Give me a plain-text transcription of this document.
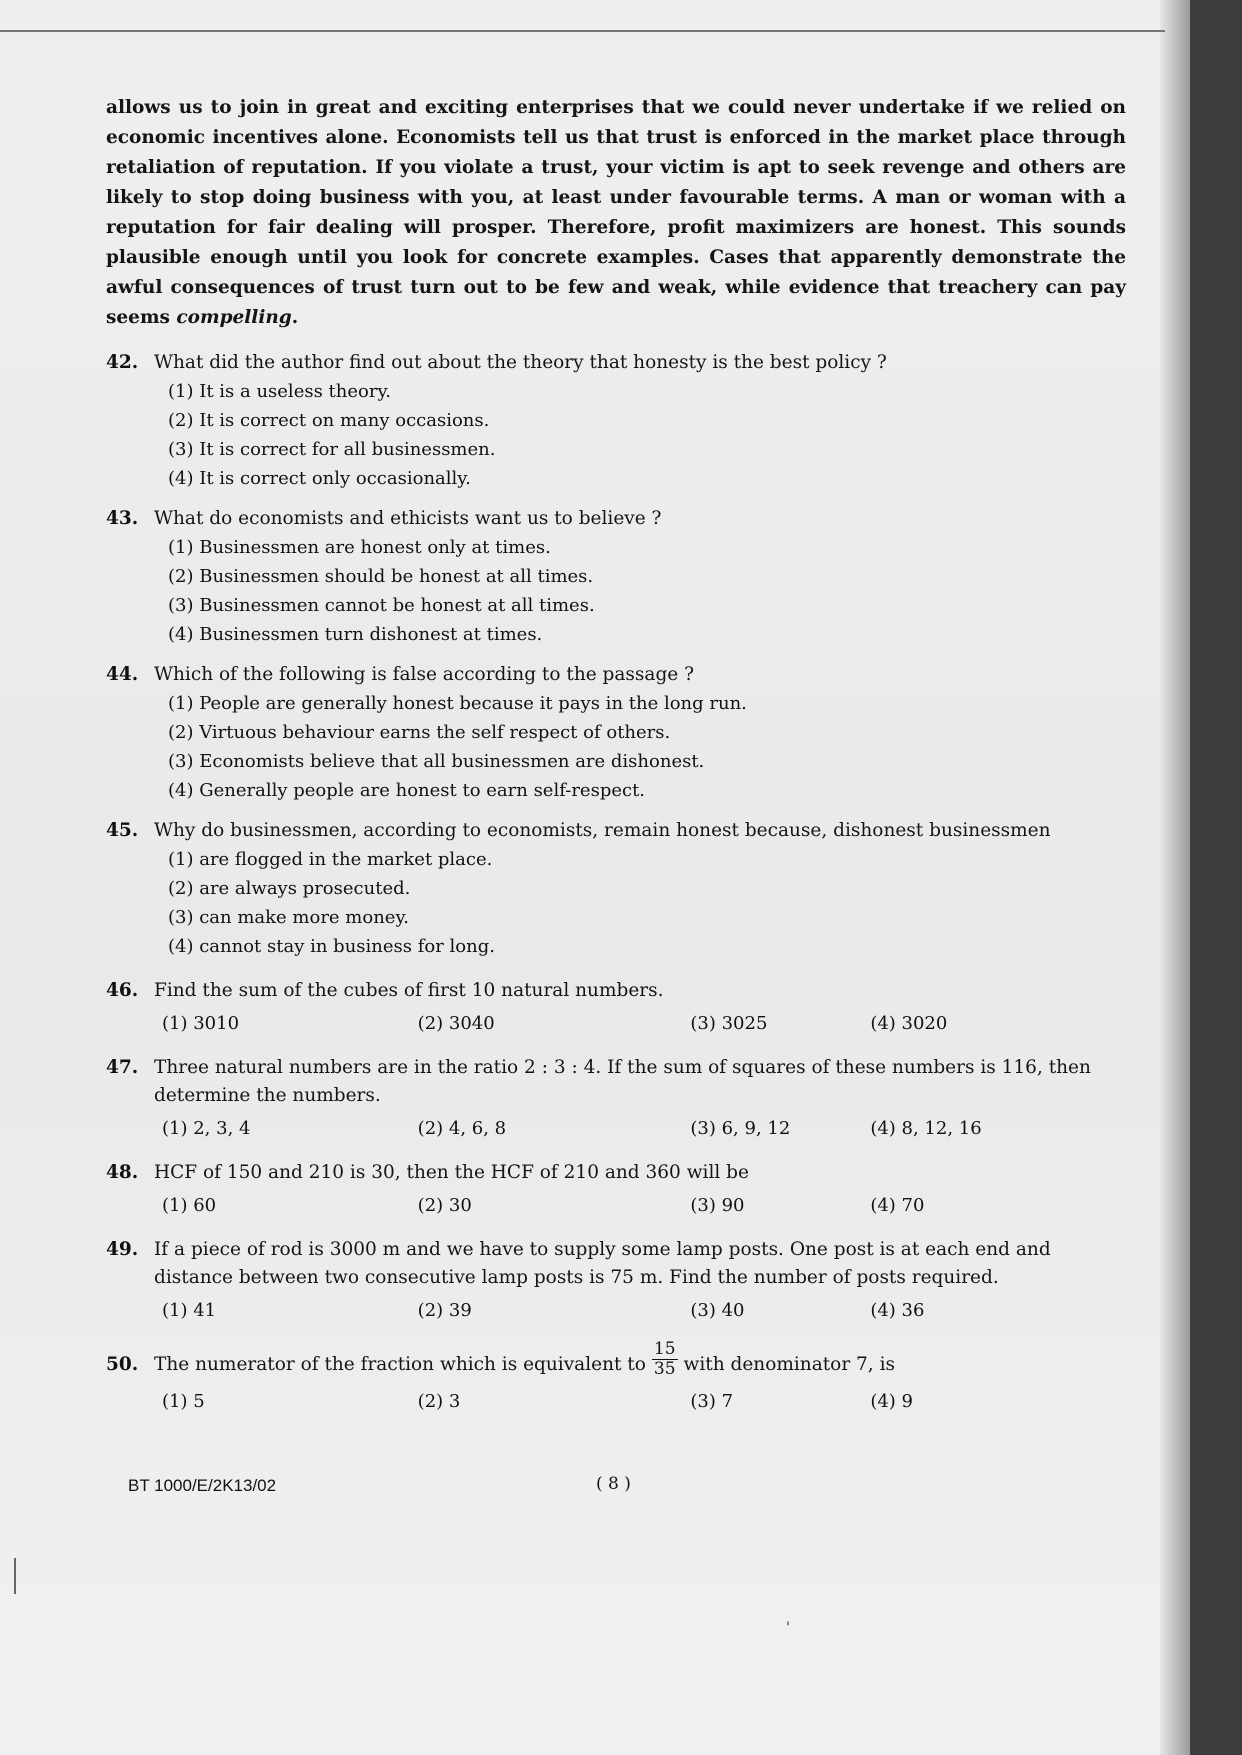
allows us to join in great and exciting enterprises that we could never undertake if we relied on economic incentives alone. Economists tell us that trust is enforced in the market place through retaliation of reputation. If you violate a trust, your victim is apt to seek revenge and others are likely to stop doing business with you, at least under favourable terms. A man or woman with a reputation for fair dealing will prosper. Therefore, profit maximizers are honest. This sounds plausible enough until you look for concrete examples. Cases that apparently demonstrate the awful consequences of trust turn out to be few and weak, while evidence that treachery can pay seems compelling.
42. What did the author find out about the theory that honesty is the best policy ?
(1) It is a useless theory.
(2) It is correct on many occasions.
(3) It is correct for all businessmen.
(4) It is correct only occasionally.
43. What do economists and ethicists want us to believe ?
(1) Businessmen are honest only at times.
(2) Businessmen should be honest at all times.
(3) Businessmen cannot be honest at all times.
(4) Businessmen turn dishonest at times.
44. Which of the following is false according to the passage ?
(1) People are generally honest because it pays in the long run.
(2) Virtuous behaviour earns the self respect of others.
(3) Economists believe that all businessmen are dishonest.
(4) Generally people are honest to earn self-respect.
45. Why do businessmen, according to economists, remain honest because, dishonest businessmen
(1) are flogged in the market place.
(2) are always prosecuted.
(3) can make more money.
(4) cannot stay in business for long.
46. Find the sum of the cubes of first 10 natural numbers.
(1) 3010	(2) 3040	(3) 3025	(4) 3020
47. Three natural numbers are in the ratio 2 : 3 : 4. If the sum of squares of these numbers is 116, then determine the numbers.
(1) 2, 3, 4	(2) 4, 6, 8	(3) 6, 9, 12	(4) 8, 12, 16
48. HCF of 150 and 210 is 30, then the HCF of 210 and 360 will be
(1) 60	(2) 30	(3) 90	(4) 70
49. If a piece of rod is 3000 m and we have to supply some lamp posts. One post is at each end and distance between two consecutive lamp posts is 75 m. Find the number of posts required.
(1) 41	(2) 39	(3) 40	(4) 36
50. The numerator of the fraction which is equivalent to $\frac{15}{35}$ with denominator 7, is
(1) 5	(2) 3	(3) 7	(4) 9
BT 1000/E/2K13/02	( 8 )
'
